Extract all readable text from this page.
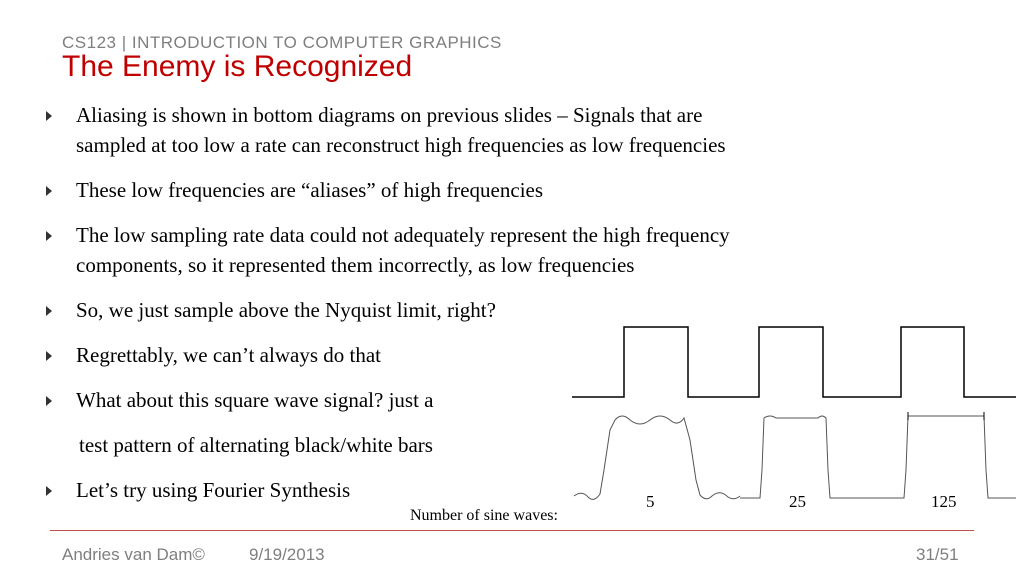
CS123 | INTRODUCTION TO COMPUTER GRAPHICS
The Enemy is Recognized
Aliasing is shown in bottom diagrams on previous slides – Signals that are
sampled at too low a rate can reconstruct high frequencies as low frequencies
These low frequencies are “aliases” of high frequencies
The low sampling rate data could not adequately represent the high frequency
components, so it represented them incorrectly, as low frequencies
So, we just sample above the Nyquist limit, right?
Regrettably, we can’t always do that
What about this square wave signal? just a
test pattern of alternating black/white bars
Let’s try using Fourier Synthesis	5	25	125
Number of sine waves:
Andries van Dam©	9/19/2013	31/51
